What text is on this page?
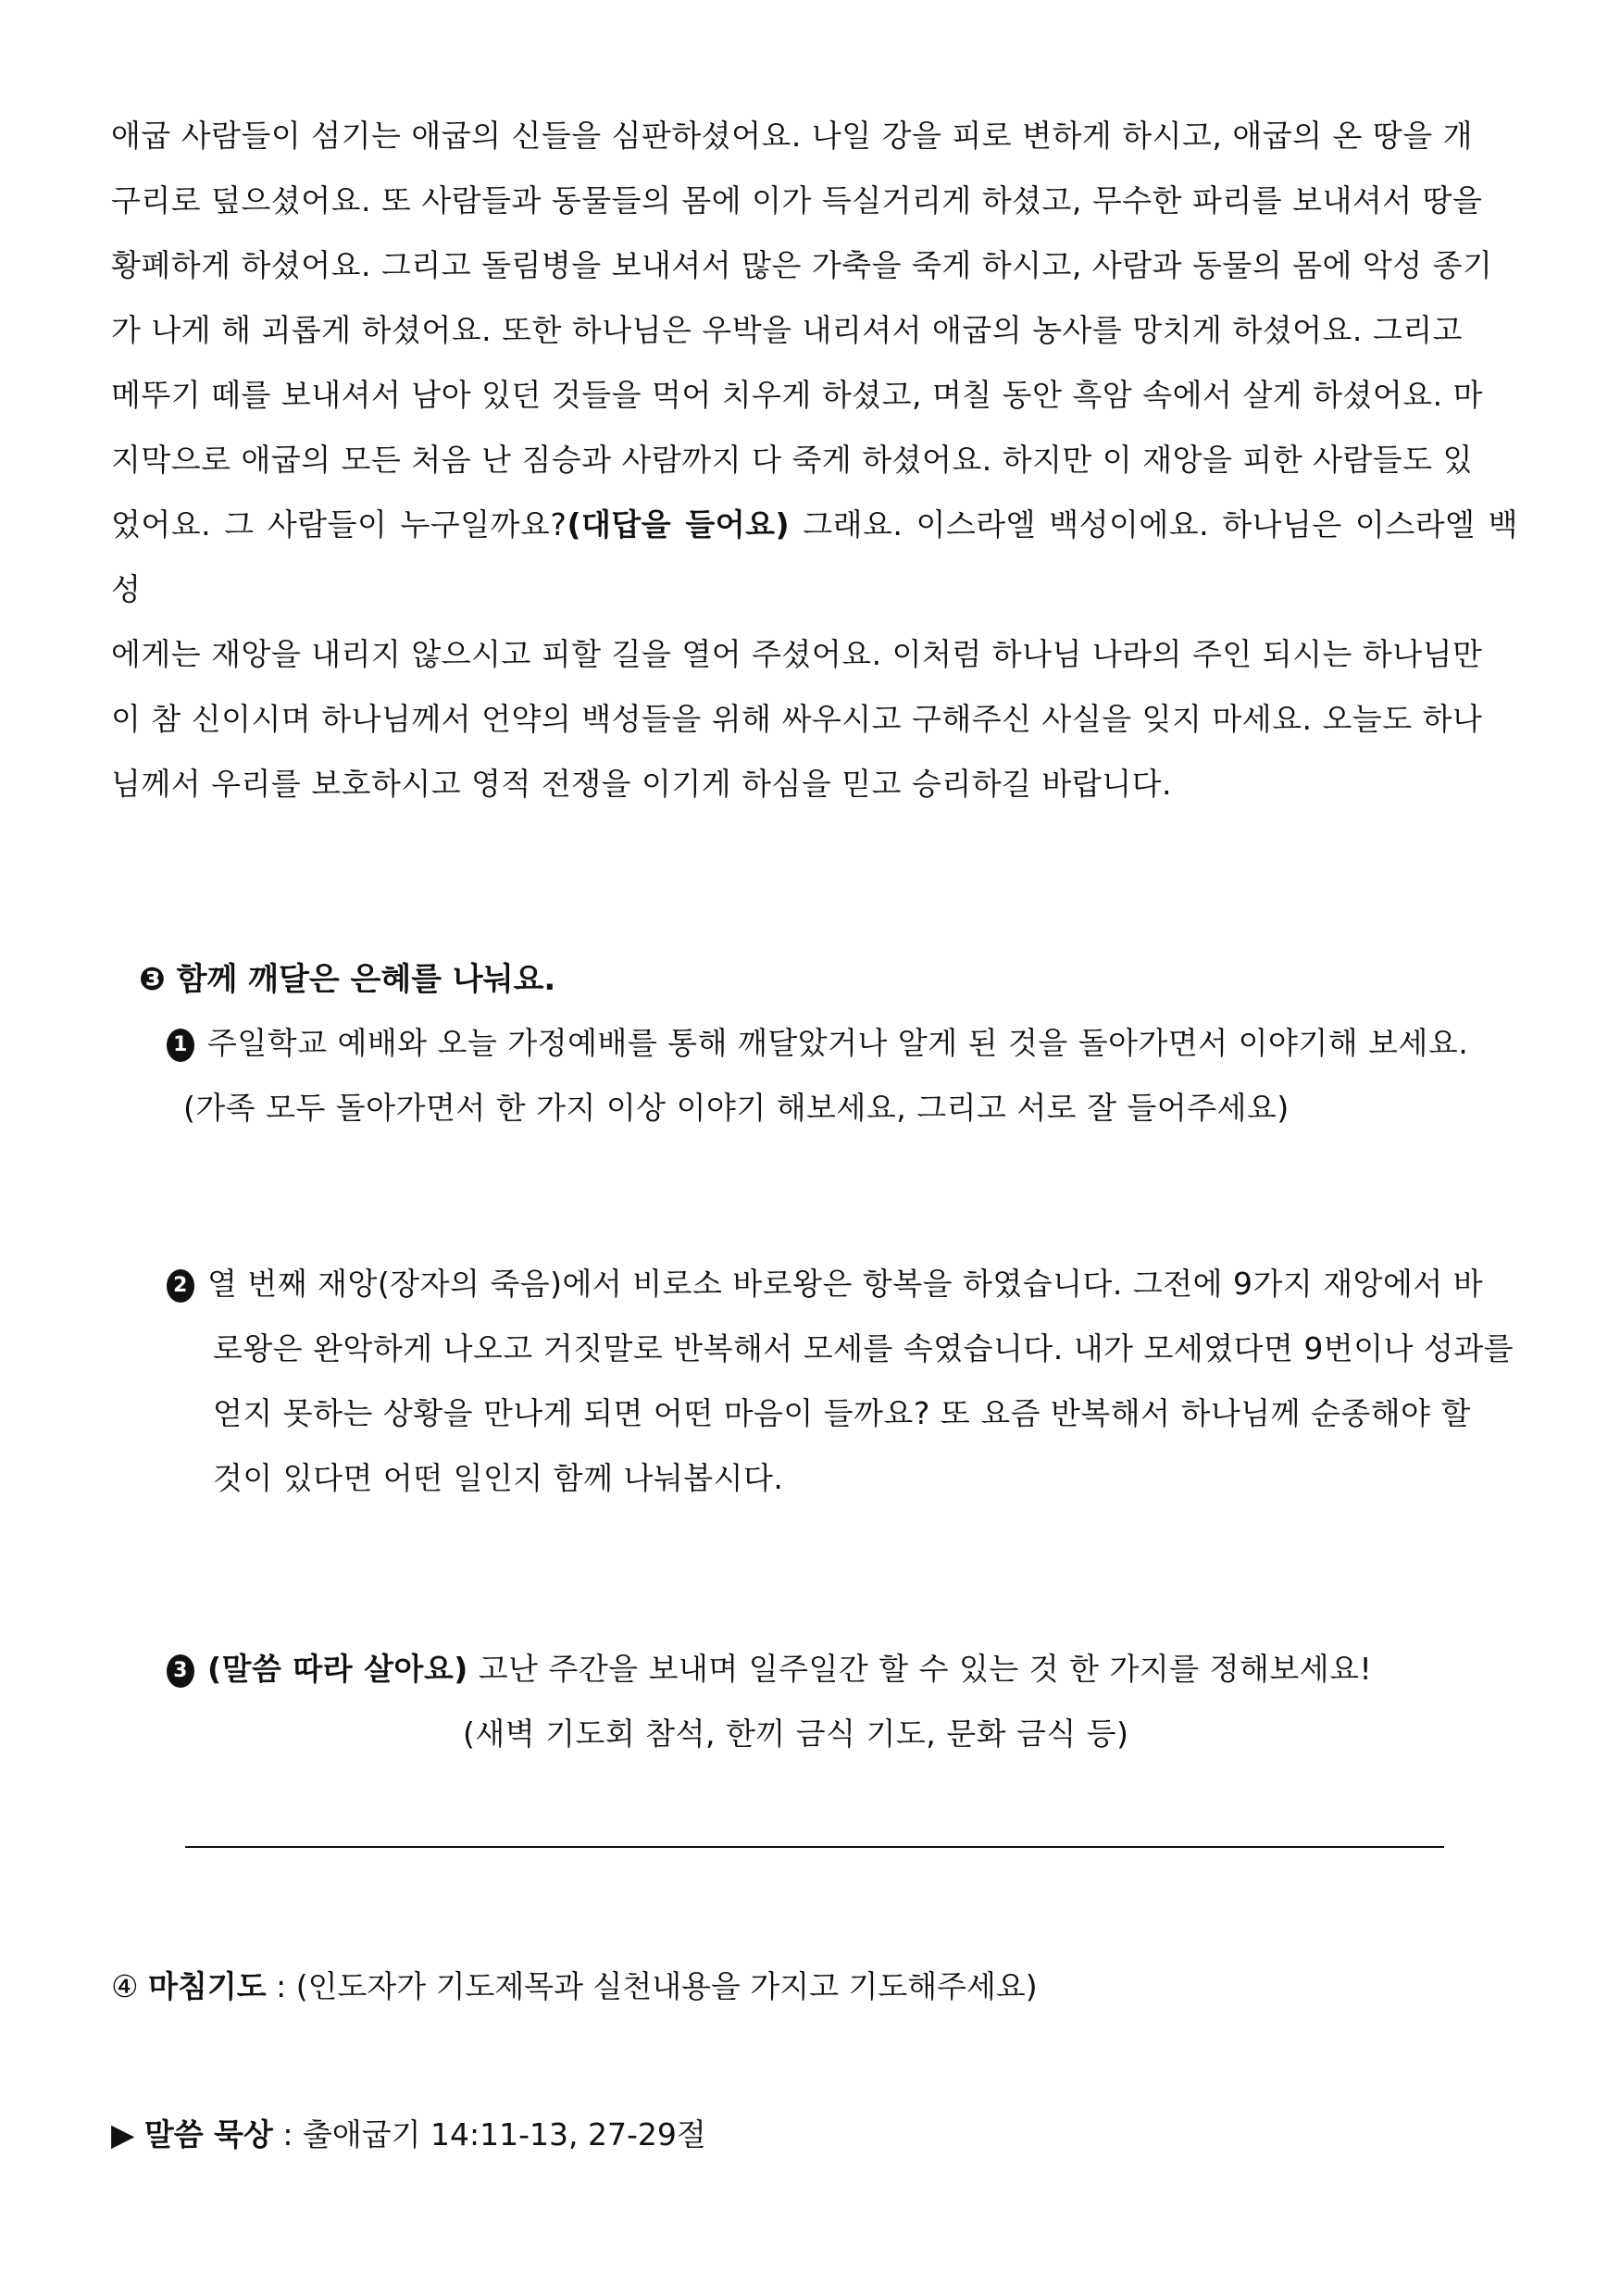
애굽 사람들이 섬기는 애굽의 신들을 심판하셨어요. 나일 강을 피로 변하게 하시고, 애굽의 온 땅을 개
구리로 덮으셨어요. 또 사람들과 동물들의 몸에 이가 득실거리게 하셨고, 무수한 파리를 보내셔서 땅을
황폐하게 하셨어요. 그리고 돌림병을 보내셔서 많은 가축을 죽게 하시고, 사람과 동물의 몸에 악성 종기
가 나게 해 괴롭게 하셨어요. 또한 하나님은 우박을 내리셔서 애굽의 농사를 망치게 하셨어요. 그리고
메뚜기 떼를 보내셔서 남아 있던 것들을 먹어 치우게 하셨고, 며칠 동안 흑암 속에서 살게 하셨어요. 마
지막으로 애굽의 모든 처음 난 짐승과 사람까지 다 죽게 하셨어요. 하지만 이 재앙을 피한 사람들도 있
었어요. 그 사람들이 누구일까요?(대답을 들어요) 그래요. 이스라엘 백성이에요. 하나님은 이스라엘 백성
에게는 재앙을 내리지 않으시고 피할 길을 열어 주셨어요. 이처럼 하나님 나라의 주인 되시는 하나님만
이 참 신이시며 하나님께서 언약의 백성들을 위해 싸우시고 구해주신 사실을 잊지 마세요. 오늘도 하나
님께서 우리를 보호하시고 영적 전쟁을 이기게 하심을 믿고 승리하길 바랍니다.
❸ 함께 깨달은 은혜를 나눠요.
1 주일학교 예배와 오늘 가정예배를 통해 깨달았거나 알게 된 것을 돌아가면서 이야기해 보세요.
(가족 모두 돌아가면서 한 가지 이상 이야기 해보세요, 그리고 서로 잘 들어주세요)
2 열 번째 재앙(장자의 죽음)에서 비로소 바로왕은 항복을 하였습니다. 그전에 9가지 재앙에서 바
로왕은 완악하게 나오고 거짓말로 반복해서 모세를 속였습니다. 내가 모세였다면 9번이나 성과를
얻지 못하는 상황을 만나게 되면 어떤 마음이 들까요? 또 요즘 반복해서 하나님께 순종해야 할
것이 있다면 어떤 일인지 함께 나눠봅시다.
3 (말씀 따라 살아요) 고난 주간을 보내며 일주일간 할 수 있는 것 한 가지를 정해보세요!
(새벽 기도회 참석, 한끼 금식 기도, 문화 금식 등)
④ 마침기도 : (인도자가 기도제목과 실천내용을 가지고 기도해주세요)
▶ 말씀 묵상 : 출애굽기 14:11-13, 27-29절
